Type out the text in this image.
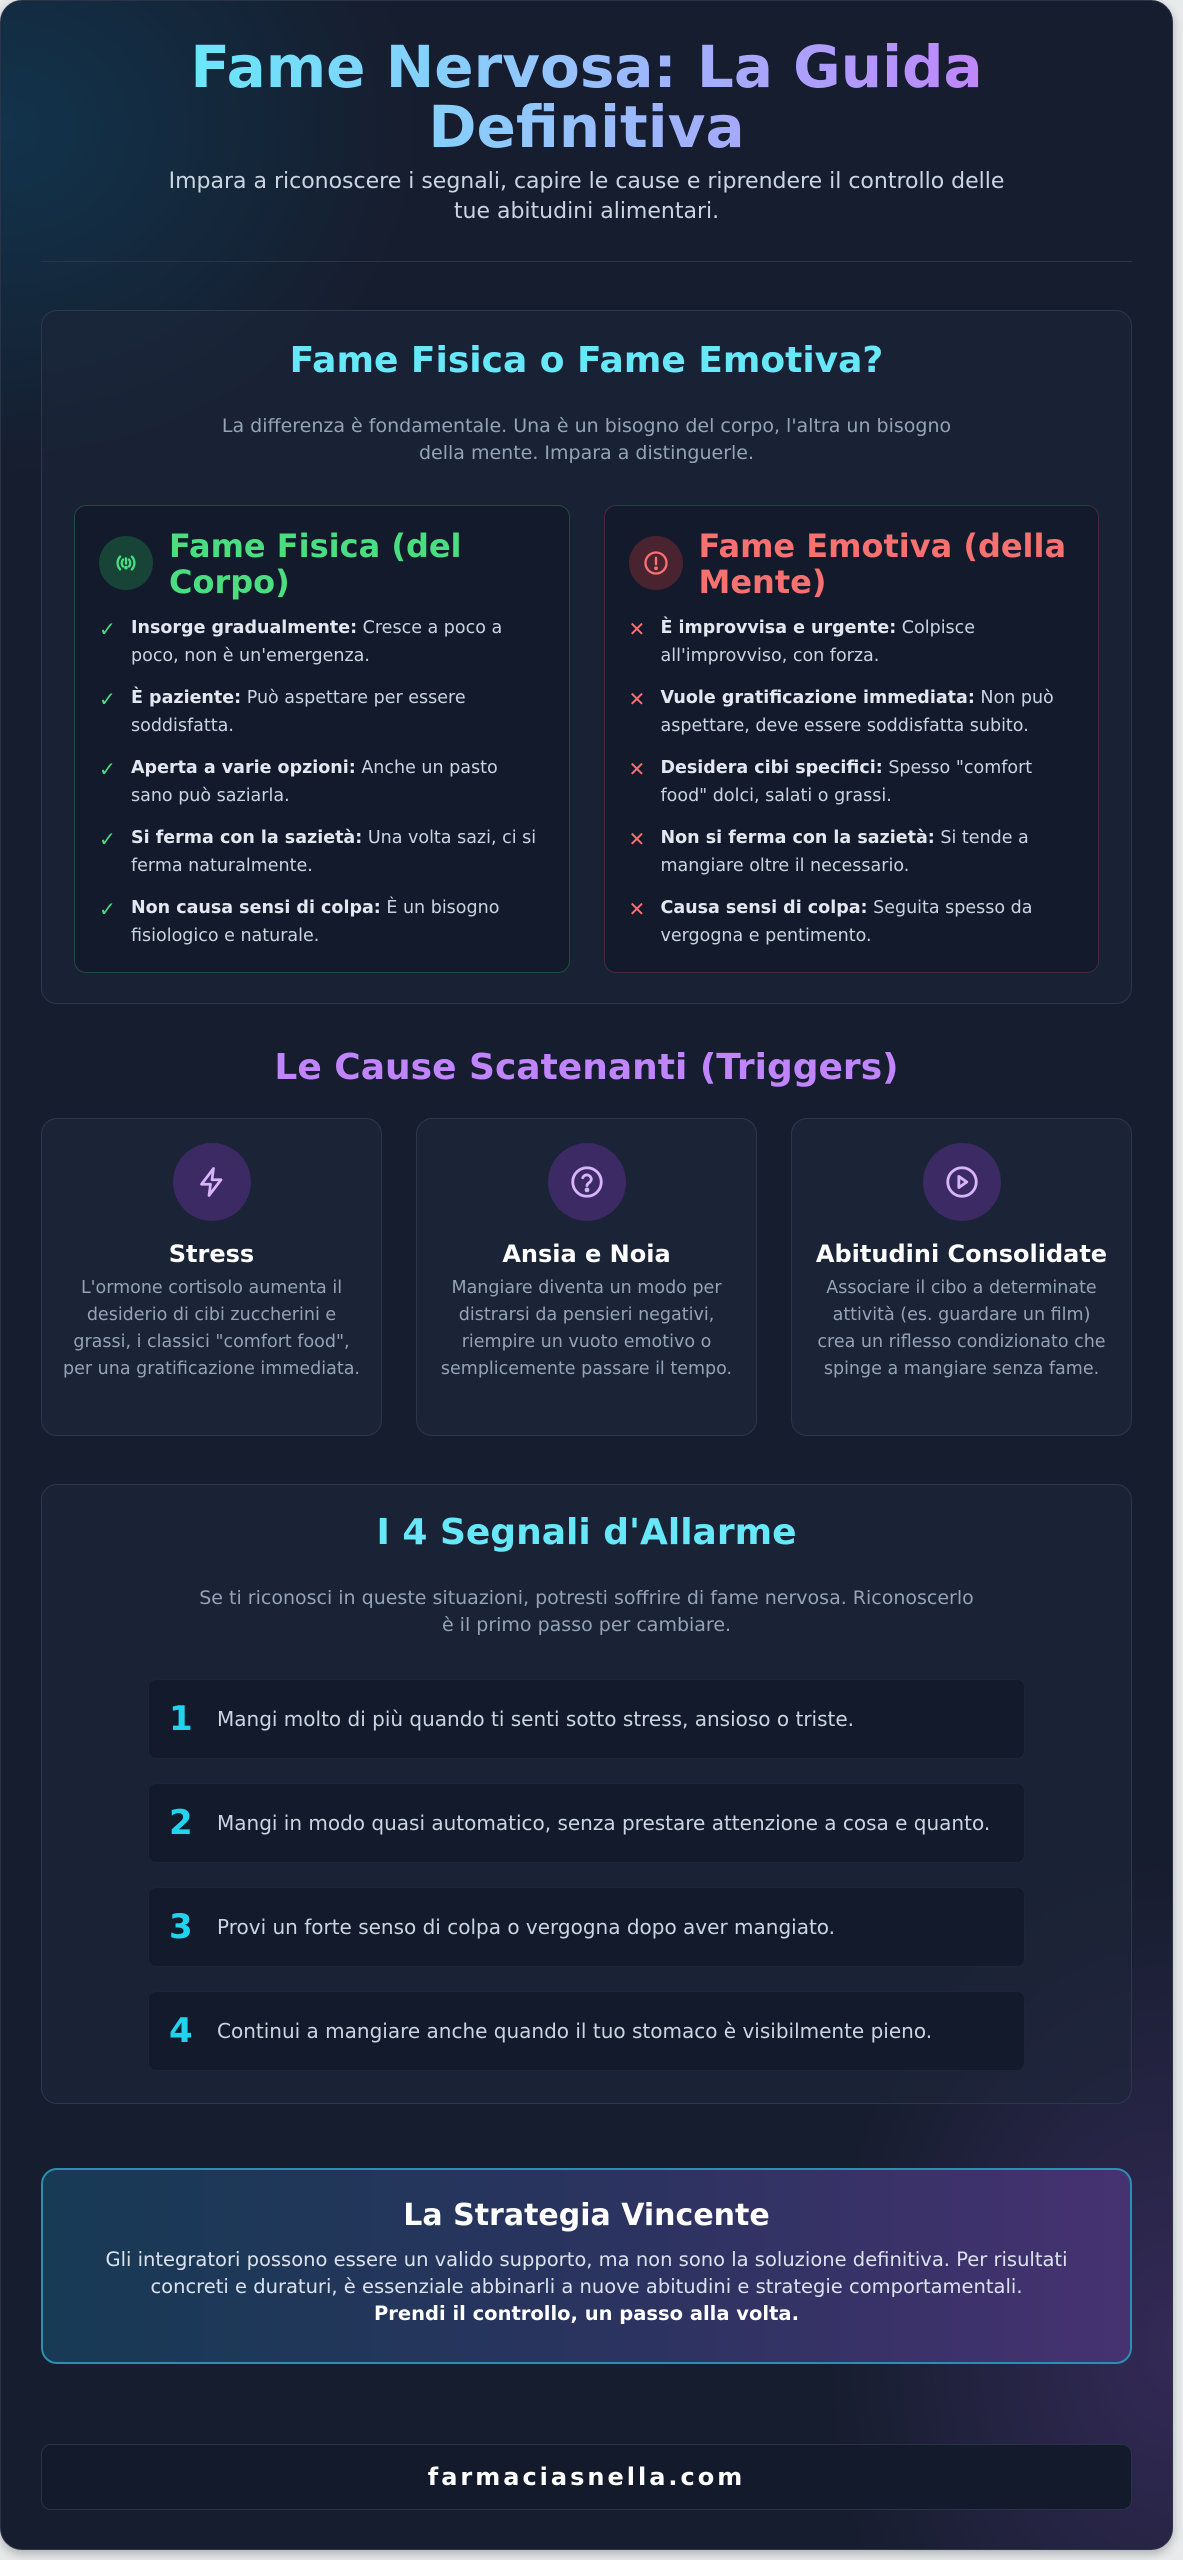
Fame Nervosa: La Guida Definitiva

Impara a riconoscere i segnali, capire le cause e riprendere il controllo delle tue abitudini alimentari.

Fame Fisica o Fame Emotiva?

La differenza è fondamentale. Una è un bisogno del corpo, l'altra un bisogno della mente. Impara a distinguerle.

Fame Fisica (del Corpo)
✓ Insorge gradualmente: Cresce a poco a poco, non è un'emergenza.
✓ È paziente: Può aspettare per essere soddisfatta.
✓ Aperta a varie opzioni: Anche un pasto sano può saziarla.
✓ Si ferma con la sazietà: Una volta sazi, ci si ferma naturalmente.
✓ Non causa sensi di colpa: È un bisogno fisiologico e naturale.
Fame Emotiva (della Mente)
✕ È improvvisa e urgente: Colpisce all'improvviso, con forza.
✕ Vuole gratificazione immediata: Non può aspettare, deve essere soddisfatta subito.
✕ Desidera cibi specifici: Spesso "comfort food" dolci, salati o grassi.
✕ Non si ferma con la sazietà: Si tende a mangiare oltre il necessario.
✕ Causa sensi di colpa: Seguita spesso da vergogna e pentimento.
Le Cause Scatenanti (Triggers)
Stress

L'ormone cortisolo aumenta il desiderio di cibi zuccherini e grassi, i classici "comfort food", per una gratificazione immediata.

Ansia e Noia

Mangiare diventa un modo per distrarsi da pensieri negativi, riempire un vuoto emotivo o semplicemente passare il tempo.

Abitudini Consolidate

Associare il cibo a determinate attività (es. guardare un film) crea un riflesso condizionato che spinge a mangiare senza fame.

I 4 Segnali d'Allarme

Se ti riconosci in queste situazioni, potresti soffrire di fame nervosa. Riconoscerlo è il primo passo per cambiare.

1	Mangi molto di più quando ti senti sotto stress, ansioso o triste.
2	Mangi in modo quasi automatico, senza prestare attenzione a cosa e quanto.
3	Provi un forte senso di colpa o vergogna dopo aver mangiato.
4	Continui a mangiare anche quando il tuo stomaco è visibilmente pieno.
La Strategia Vincente

Gli integratori possono essere un valido supporto, ma non sono la soluzione definitiva. Per risultati concreti e duraturi, è essenziale abbinarli a nuove abitudini e strategie comportamentali.
Prendi il controllo, un passo alla volta.

farmaciasnella.com
